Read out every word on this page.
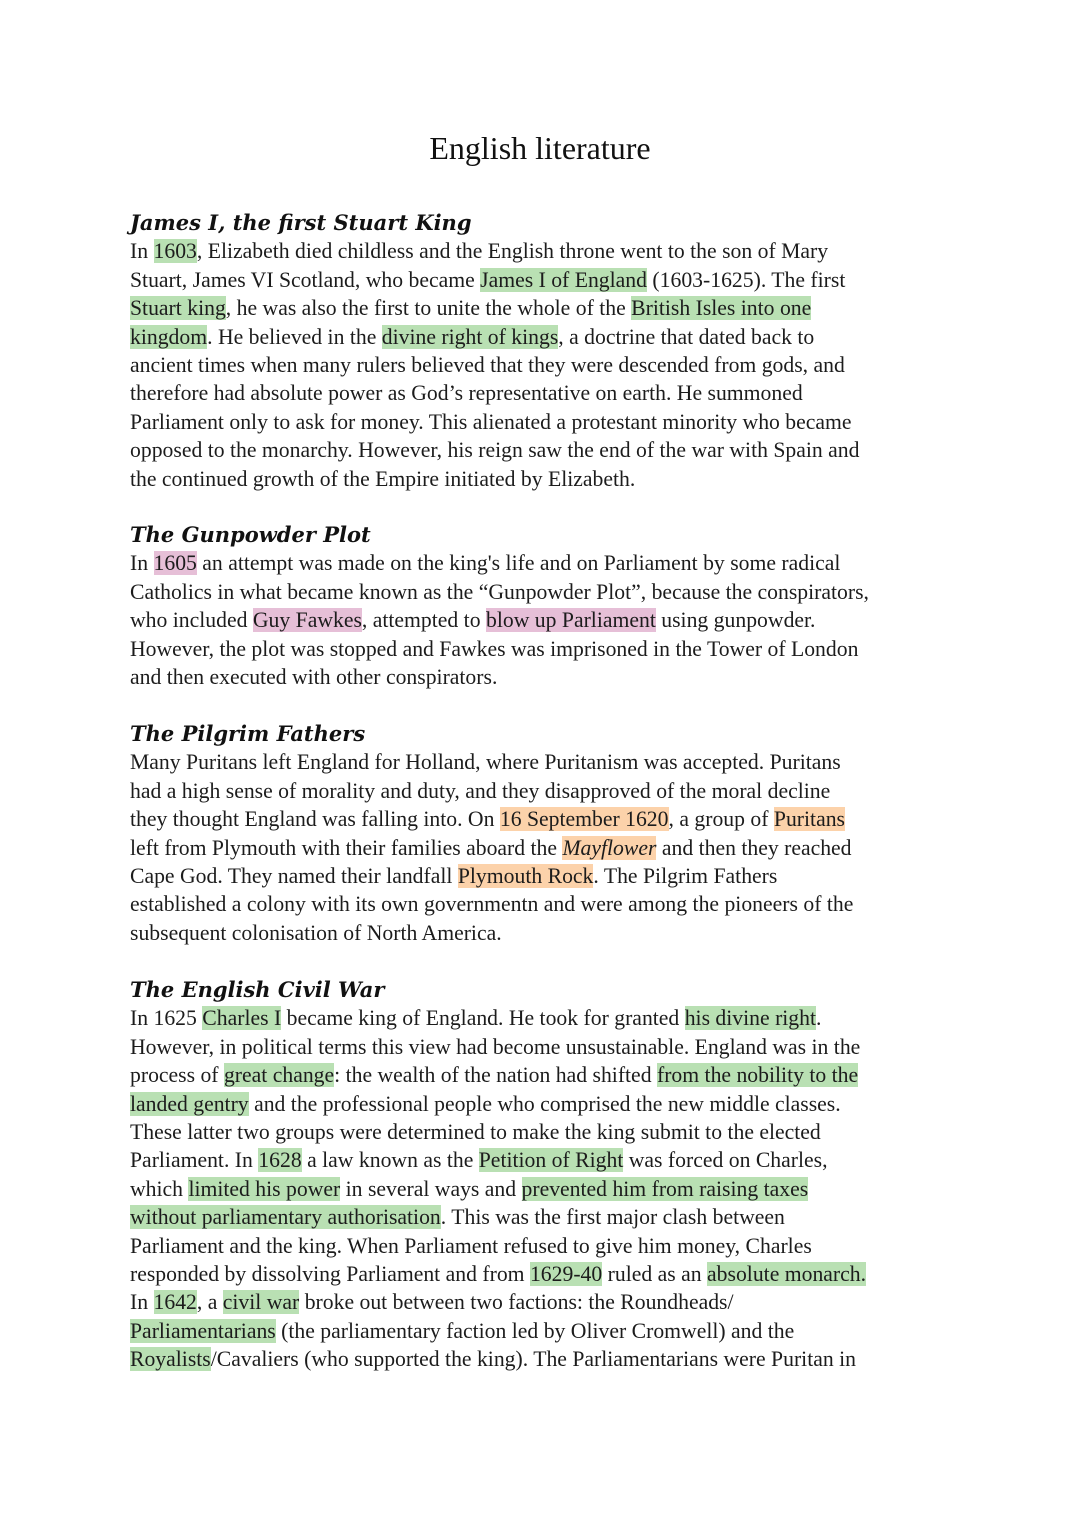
English literature
James I, the first Stuart King
In 1603, Elizabeth died childless and the English throne went to the son of Mary
Stuart, James VI Scotland, who became James I of England (1603-1625). The first
Stuart king, he was also the first to unite the whole of the British Isles into one
kingdom. He believed in the divine right of kings, a doctrine that dated back to
ancient times when many rulers believed that they were descended from gods, and
therefore had absolute power as God’s representative on earth. He summoned
Parliament only to ask for money. This alienated a protestant minority who became
opposed to the monarchy. However, his reign saw the end of the war with Spain and
the continued growth of the Empire initiated by Elizabeth.
The Gunpowder Plot
In 1605 an attempt was made on the king's life and on Parliament by some radical
Catholics in what became known as the “Gunpowder Plot”, because the conspirators,
who included Guy Fawkes, attempted to blow up Parliament using gunpowder.
However, the plot was stopped and Fawkes was imprisoned in the Tower of London
and then executed with other conspirators.
The Pilgrim Fathers
Many Puritans left England for Holland, where Puritanism was accepted. Puritans
had a high sense of morality and duty, and they disapproved of the moral decline
they thought England was falling into. On 16 September 1620, a group of Puritans
left from Plymouth with their families aboard the Mayflower and then they reached
Cape God. They named their landfall Plymouth Rock. The Pilgrim Fathers
established a colony with its own governmentn and were among the pioneers of the
subsequent colonisation of North America.
The English Civil War
In 1625 Charles I became king of England. He took for granted his divine right.
However, in political terms this view had become unsustainable. England was in the
process of great change: the wealth of the nation had shifted from the nobility to the
landed gentry and the professional people who comprised the new middle classes.
These latter two groups were determined to make the king submit to the elected
Parliament. In 1628 a law known as the Petition of Right was forced on Charles,
which limited his power in several ways and prevented him from raising taxes
without parliamentary authorisation. This was the first major clash between
Parliament and the king. When Parliament refused to give him money, Charles
responded by dissolving Parliament and from 1629-40 ruled as an absolute monarch.
In 1642, a civil war broke out between two factions: the Roundheads/
Parliamentarians (the parliamentary faction led by Oliver Cromwell) and the
Royalists/Cavaliers (who supported the king). The Parliamentarians were Puritan in
